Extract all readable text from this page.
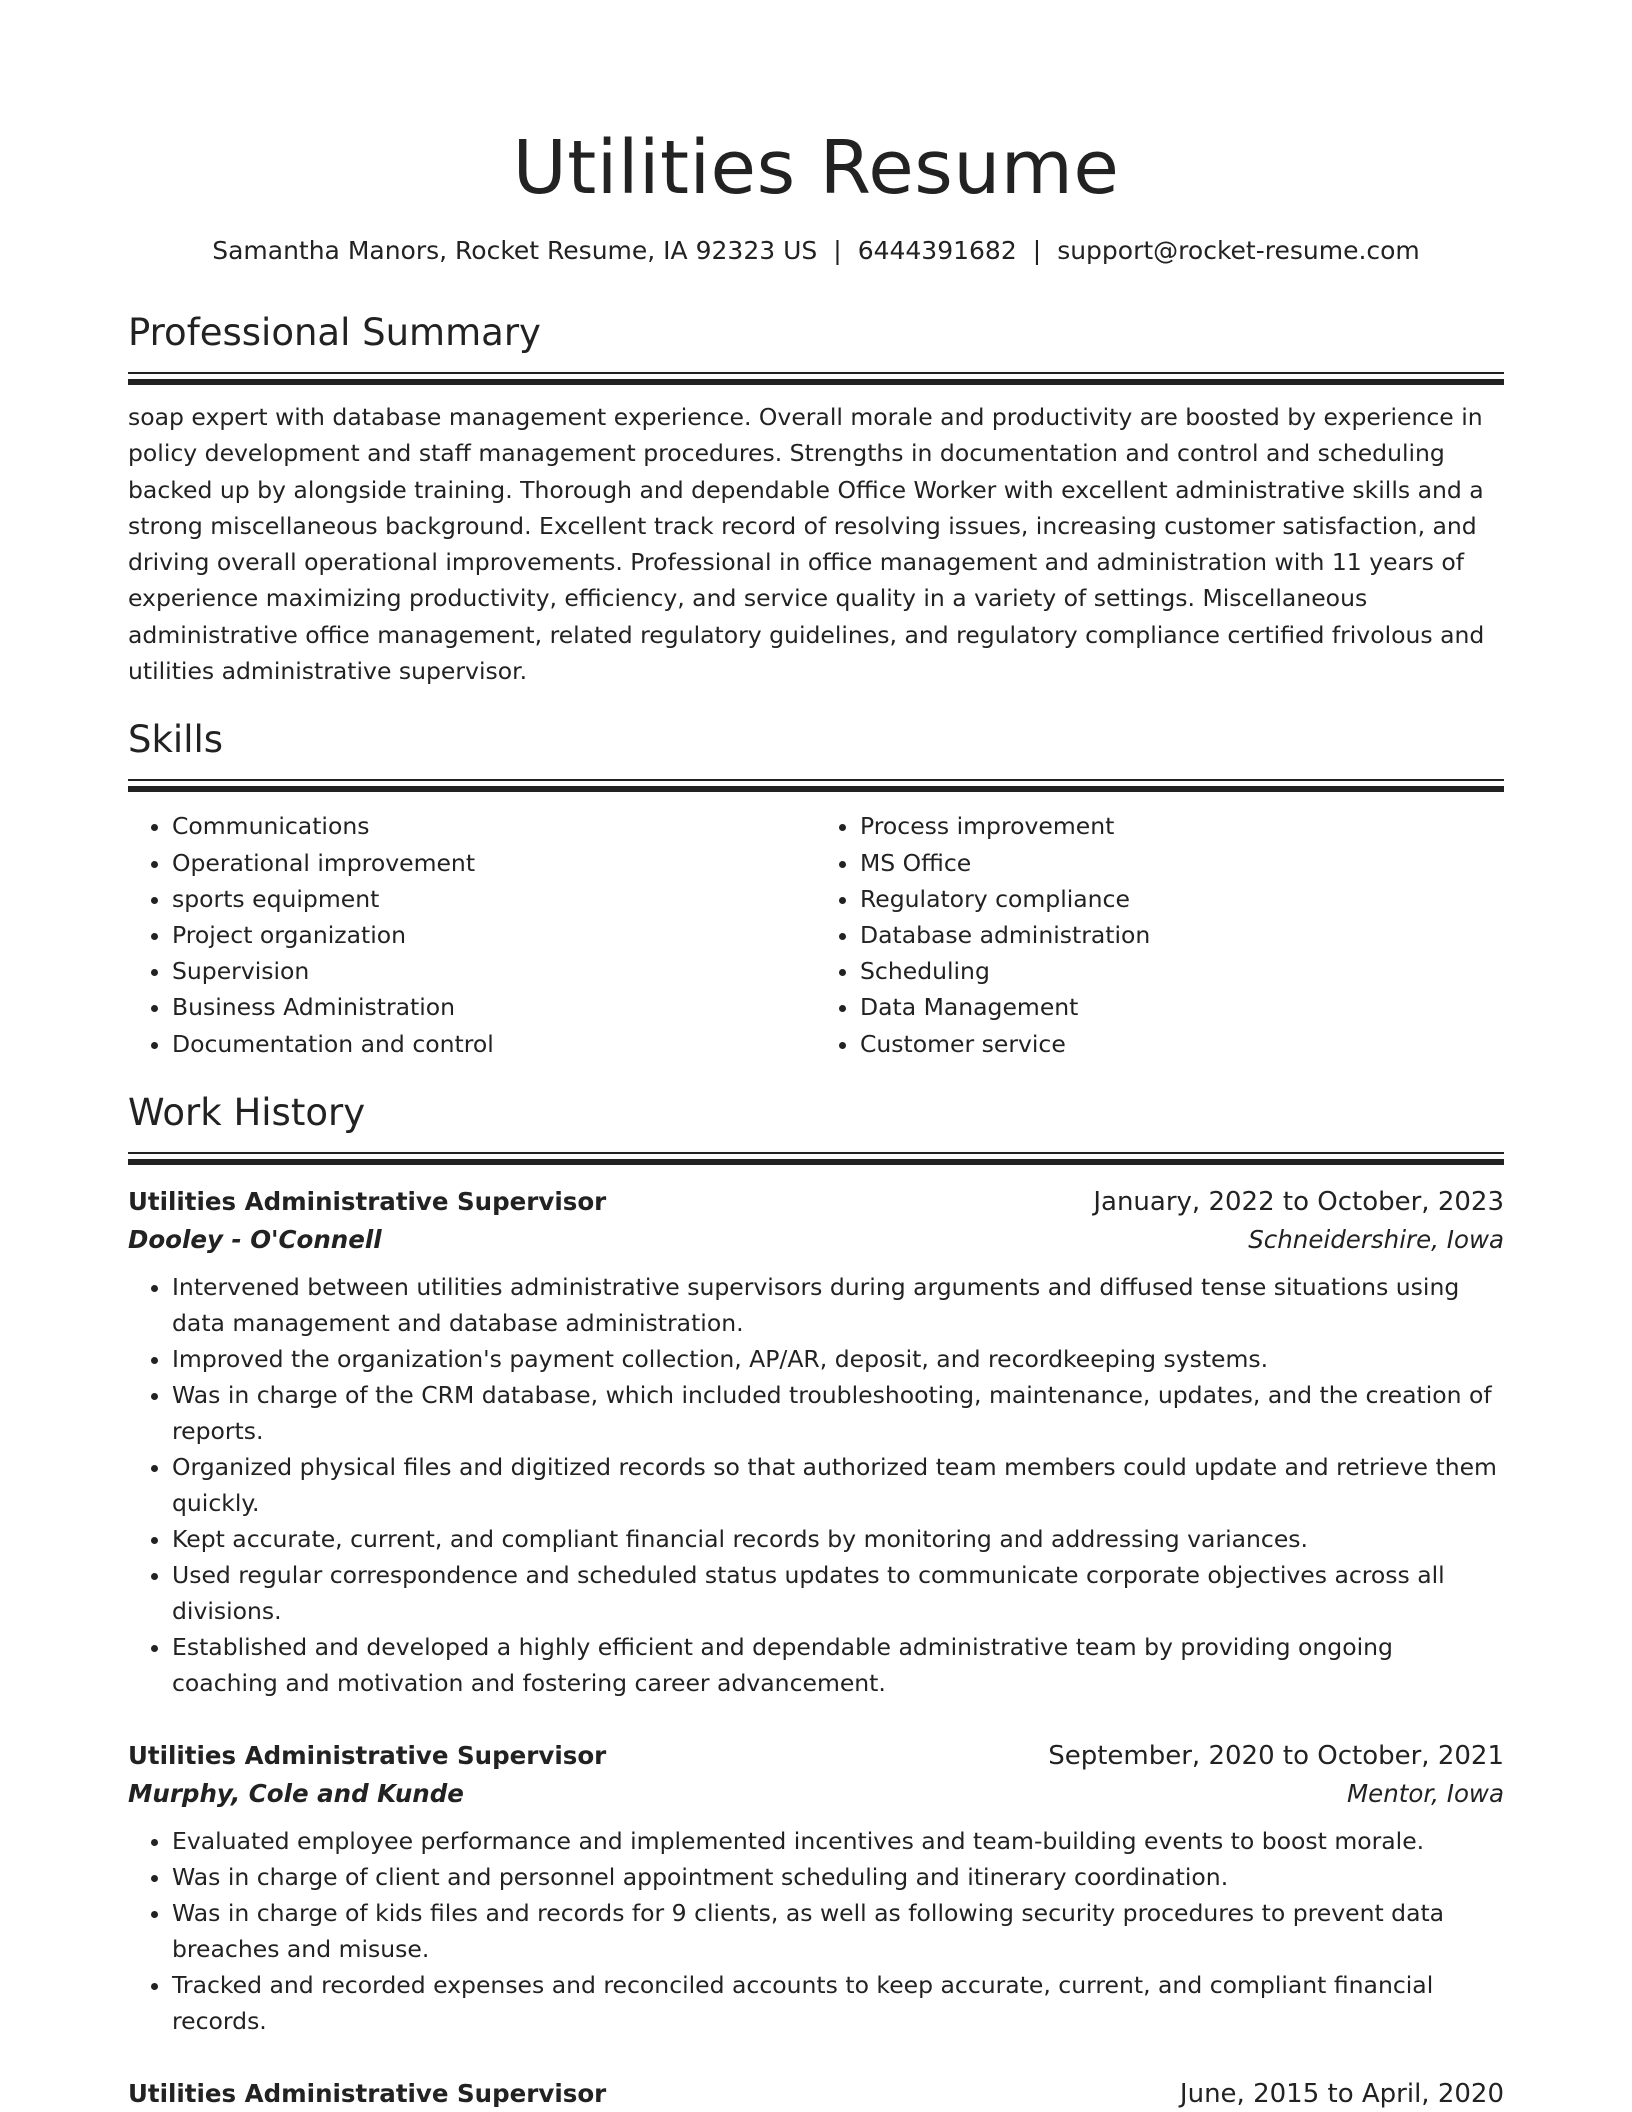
Utilities Resume
Samantha Manors, Rocket Resume, IA 92323 US | 6444391682 | support@rocket-resume.com
Professional Summary
soap expert with database management experience. Overall morale and productivity are boosted by experience in policy development and staff management procedures. Strengths in documentation and control and scheduling backed up by alongside training. Thorough and dependable Office Worker with excellent administrative skills and a strong miscellaneous background. Excellent track record of resolving issues, increasing customer satisfaction, and driving overall operational improvements. Professional in office management and administration with 11 years of experience maximizing productivity, efficiency, and service quality in a variety of settings. Miscellaneous administrative office management, related regulatory guidelines, and regulatory compliance certified frivolous and utilities administrative supervisor.
Skills
• Communications
• Operational improvement
• sports equipment
• Project organization
• Supervision
• Business Administration
• Documentation and control
• Process improvement
• MS Office
• Regulatory compliance
• Database administration
• Scheduling
• Data Management
• Customer service
Work History
Utilities Administrative Supervisor	January, 2022 to October, 2023
Dooley - O'Connell	Schneidershire, Iowa
• Intervened between utilities administrative supervisors during arguments and diffused tense situations using data management and database administration.
• Improved the organization's payment collection, AP/AR, deposit, and recordkeeping systems.
• Was in charge of the CRM database, which included troubleshooting, maintenance, updates, and the creation of reports.
• Organized physical files and digitized records so that authorized team members could update and retrieve them quickly.
• Kept accurate, current, and compliant financial records by monitoring and addressing variances.
• Used regular correspondence and scheduled status updates to communicate corporate objectives across all divisions.
• Established and developed a highly efficient and dependable administrative team by providing ongoing coaching and motivation and fostering career advancement.
Utilities Administrative Supervisor	September, 2020 to October, 2021
Murphy, Cole and Kunde	Mentor, Iowa
• Evaluated employee performance and implemented incentives and team-building events to boost morale.
• Was in charge of client and personnel appointment scheduling and itinerary coordination.
• Was in charge of kids files and records for 9 clients, as well as following security procedures to prevent data breaches and misuse.
• Tracked and recorded expenses and reconciled accounts to keep accurate, current, and compliant financial records.
Utilities Administrative Supervisor	June, 2015 to April, 2020
